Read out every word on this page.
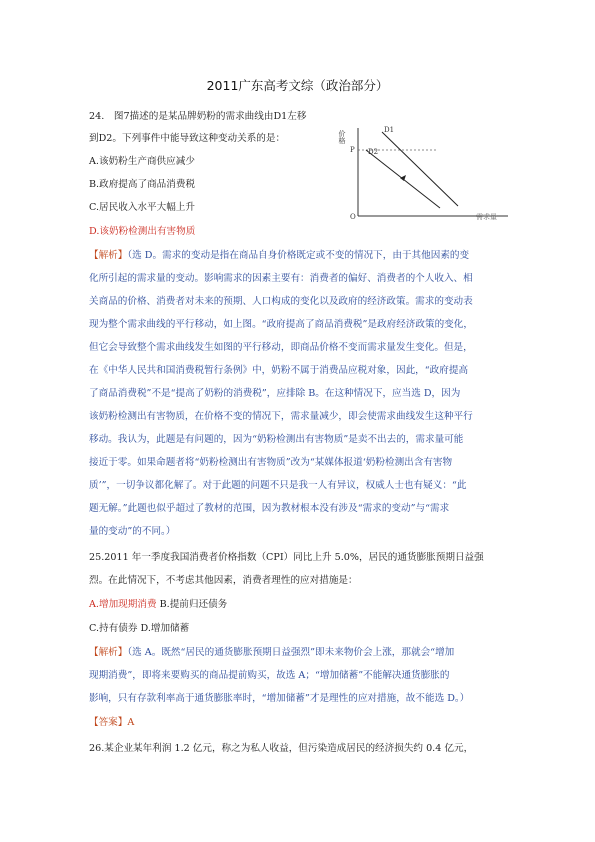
2011广东高考文综（政治部分）
24.　图7描述的是某品牌奶粉的需求曲线由D1左移
到D2。下列事件中能导致这种变动关系的是：
A.该奶粉生产商供应减少
B.政府提高了商品消费税
C.居民收入水平大幅上升
D.该奶粉检测出有害物质
价格
P
O	需求量
D1
D2
【解析】（选 D。需求的变动是指在商品自身价格既定或不变的情况下，由于其他因素的变
化所引起的需求量的变动。影响需求的因素主要有：消费者的偏好、消费者的个人收入、相
关商品的价格、消费者对未来的预期、人口构成的变化以及政府的经济政策。需求的变动表
现为整个需求曲线的平行移动，如上图。“政府提高了商品消费税”是政府经济政策的变化，
但它会导致整个需求曲线发生如图的平行移动，即商品价格不变而需求量发生变化。但是，
在《中华人民共和国消费税暂行条例》中，奶粉不属于消费品应税对象，因此，“政府提高
了商品消费税”不是“提高了奶粉的消费税”，应排除 B。在这种情况下，应当选 D，因为
该奶粉检测出有害物质，在价格不变的情况下，需求量减少，即会使需求曲线发生这种平行
移动。我认为，此题是有问题的，因为“奶粉检测出有害物质”是卖不出去的，需求量可能
接近于零。如果命题者将“奶粉检测出有害物质”改为“某媒体报道‘奶粉检测出含有害物
质’”，一切争议都化解了。对于此题的问题不只是我一人有异议，权威人士也有疑义：“此
题无解。”此题也似乎超过了教材的范围，因为教材根本没有涉及“需求的变动”与“需求
量的变动”的不同。）
25.2011 年一季度我国消费者价格指数（CPI）同比上升 5.0%，居民的通货膨胀预期日益强
烈。在此情况下，不考虑其他因素，消费者理性的应对措施是：
A.增加现期消费 B.提前归还债务
C.持有债券 D.增加储蓄
【解析】（选 A。既然“居民的通货膨胀预期日益强烈”即未来物价会上涨，那就会“增加
现期消费”，即将来要购买的商品提前购买，故选 A；“增加储蓄”不能解决通货膨胀的
影响，只有存款利率高于通货膨胀率时，“增加储蓄”才是理性的应对措施，故不能选 D。）
【答案】A
26.某企业某年利润 1.2 亿元，称之为私人收益，但污染造成居民的经济损失约 0.4 亿元，
